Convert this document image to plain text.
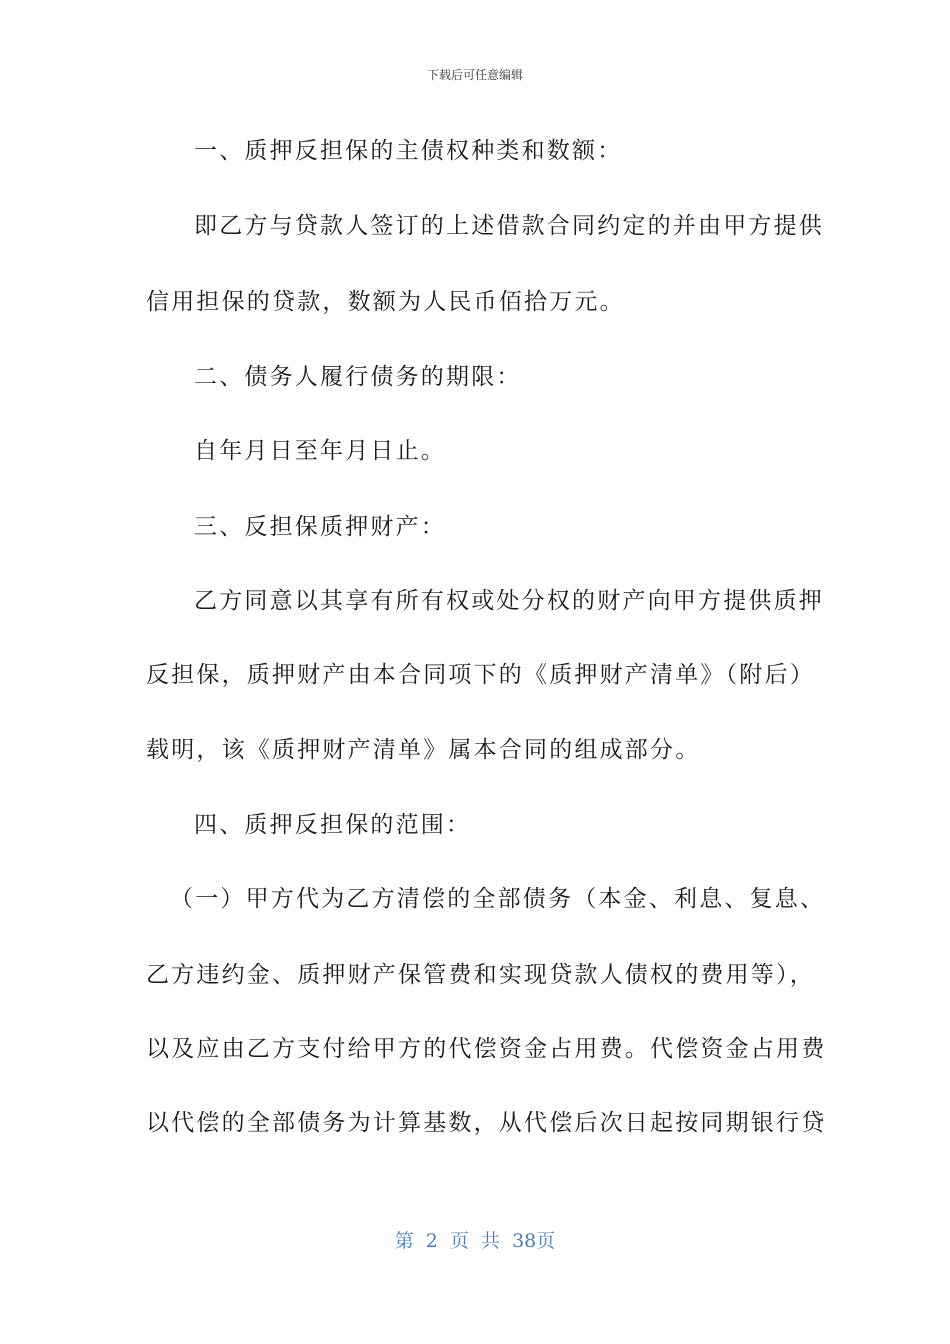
下载后可任意编辑
一、质押反担保的主债权种类和数额：
即乙方与贷款人签订的上述借款合同约定的并由甲方提供
信用担保的贷款，数额为人民币佰拾万元。
二、债务人履行债务的期限：
自年月日至年月日止。
三、反担保质押财产：
乙方同意以其享有所有权或处分权的财产向甲方提供质押
反担保，质押财产由本合同项下的《质押财产清单》（附后）
载明，该《质押财产清单》属本合同的组成部分。
四、质押反担保的范围：
（一）甲方代为乙方清偿的全部债务（本金、利息、复息、
乙方违约金、质押财产保管费和实现贷款人债权的费用等），
以及应由乙方支付给甲方的代偿资金占用费。代偿资金占用费
以代偿的全部债务为计算基数，从代偿后次日起按同期银行贷
第 2 页 共 38页
